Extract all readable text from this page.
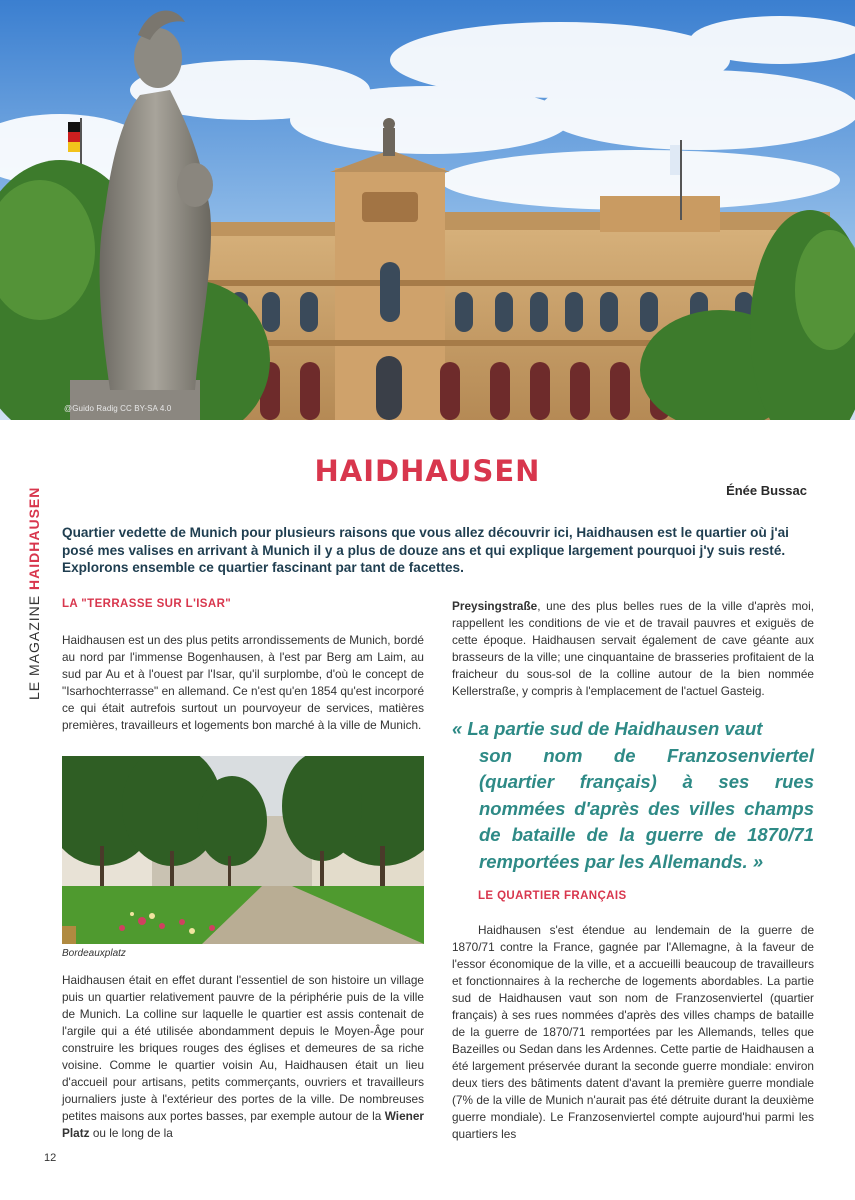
@Guido Radig CC BY-SA 4.0
LE MAGAZINE HAIDHAUSEN
HAIDHAUSEN
Énée Bussac

Quartier vedette de Munich pour plusieurs raisons que vous allez découvrir ici, Haidhausen est le quartier où j'ai posé mes valises en arrivant à Munich il y a plus de douze ans et qui explique largement pourquoi j'y suis resté. Explorons ensemble ce quartier fascinant par tant de facettes.

LA "TERRASSE SUR L'ISAR"

Haidhausen est un des plus petits arrondissements de Munich, bordé au nord par l'immense Bogenhausen, à l'est par Berg am Laim, au sud par Au et à l'ouest par l'Isar, qu'il surplombe, d'où le concept de "Isarhochterrasse" en allemand. Ce n'est qu'en 1854 qu'est incorporé ce qui était autrefois surtout un pourvoyeur de services, matières premières, travailleurs et logements bon marché à la ville de Munich.

Bordeauxplatz

Haidhausen était en effet durant l'essentiel de son histoire un village puis un quartier relativement pauvre de la périphérie puis de la ville de Munich. La colline sur laquelle le quartier est assis contenait de l'argile qui a été utilisée abondamment depuis le Moyen-Âge pour construire les briques rouges des églises et demeures de sa riche voisine. Comme le quartier voisin Au, Haidhausen était un lieu d'accueil pour artisans, petits commerçants, ouvriers et travailleurs journaliers juste à l'extérieur des portes de la ville. De nombreuses petites maisons aux portes basses, par exemple autour de la Wiener Platz ou le long de la

Preysingstraße, une des plus belles rues de la ville d'après moi, rappellent les conditions de vie et de travail pauvres et exiguës de cette époque. Haidhausen servait également de cave géante aux brasseurs de la ville; une cinquantaine de brasseries profitaient de la fraicheur du sous-sol de la colline autour de la bien nommée Kellerstraße, y compris à l'emplacement de l'actuel Gasteig.

« La partie sud de Haidhausen vaut
son nom de Franzosenviertel
(quartier français) à ses rues
nommées d'après des villes champs
de bataille de la guerre de 1870/71
remportées par les Allemands. »
LE QUARTIER FRANÇAIS

Haidhausen s'est étendue au lendemain de la guerre de 1870/71 contre la France, gagnée par l'Allemagne, à la faveur de l'essor économique de la ville, et a accueilli beaucoup de travailleurs et fonctionnaires à la recherche de logements abordables. La partie sud de Haidhausen vaut son nom de Franzosenviertel (quartier français) à ses rues nommées d'après des villes champs de bataille de la guerre de 1870/71 remportées par les Allemands, telles que Bazeilles ou Sedan dans les Ardennes. Cette partie de Haidhausen a été largement préservée durant la seconde guerre mondiale: environ deux tiers des bâtiments datent d'avant la première guerre mondiale (7% de la ville de Munich n'aurait pas été détruite durant la deuxième guerre mondiale). Le Franzosenviertel compte aujourd'hui parmi les quartiers les

12
